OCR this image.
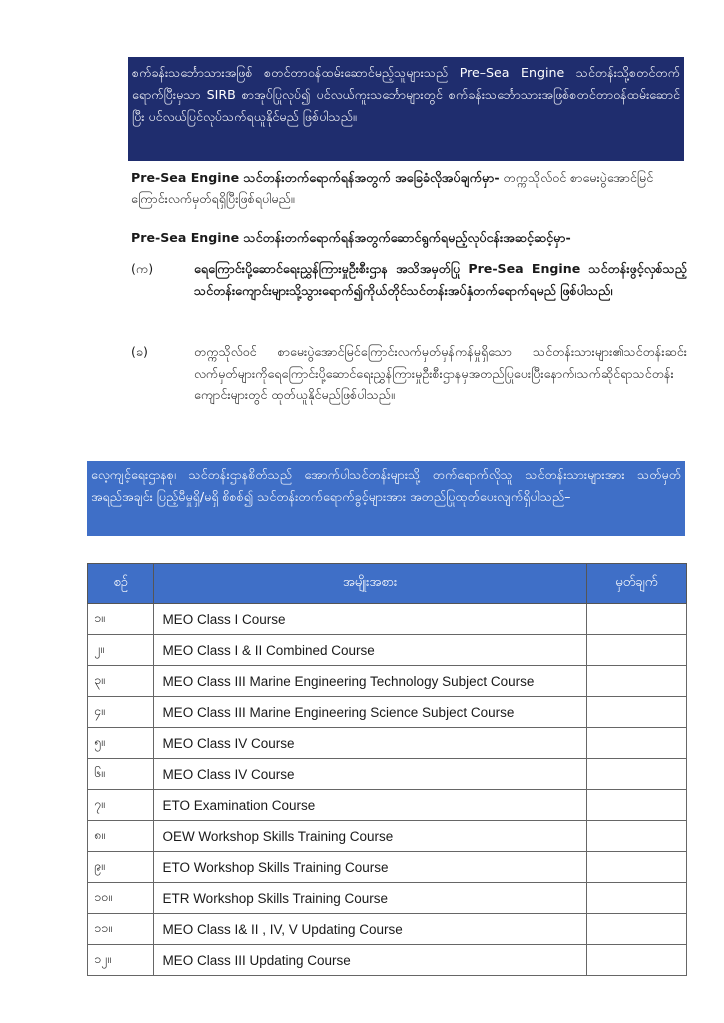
စက်ခန်းသင်္ဘောသားအဖြစ် စတင်တာဝန်ထမ်းဆောင်မည့်သူများသည် Pre–Sea Engine သင်တန်းသို့စတင်တက်ရောက်ပြီးမှသာ SIRB စာအုပ်ပြုလုပ်၍ ပင်လယ်ကူးသင်္ဘောများတွင် စက်ခန်းသင်္ဘောသားအဖြစ်စတင်တာဝန်ထမ်းဆောင်ပြီး ပင်လယ်ပြင်လုပ်သက်ရယူနိုင်မည် ဖြစ်ပါသည်။
Pre-Sea Engine သင်တန်းတက်ရောက်ရန်အတွက် အခြေခံလိုအပ်ချက်မှာ- တက္ကသိုလ်ဝင် စာမေးပွဲအောင်မြင်ကြောင်းလက်မှတ်ရရှိပြီးဖြစ်ရပါမည်။
Pre-Sea Engine သင်တန်းတက်ရောက်ရန်အတွက်ဆောင်ရွက်ရမည့်လုပ်ငန်းအဆင့်ဆင့်မှာ-
(က)	ရေကြောင်းပို့ဆောင်ရေးညွှန်ကြားမှုဦးစီးဌာန အသိအမှတ်ပြု Pre-Sea Engine သင်တန်းဖွင့်လှစ်သည့်သင်တန်းကျောင်းများသို့သွားရောက်၍ကိုယ်တိုင်သင်တန်းအပ်နှံတက်ရောက်ရမည် ဖြစ်ပါသည်၊
(ခ)	တက္ကသိုလ်ဝင် စာမေးပွဲအောင်မြင်ကြောင်းလက်မှတ်မှန်ကန်မှုရှိသော သင်တန်းသားများ၏သင်တန်းဆင်းလက်မှတ်များကိုရေကြောင်းပို့ဆောင်ရေးညွှန်ကြားမှုဦးစီးဌာနမှအတည်ပြုပေးပြီးနောက်၊သက်ဆိုင်ရာသင်တန်းကျောင်းများတွင် ထုတ်ယူနိုင်မည်ဖြစ်ပါသည်။
လေ့ကျင့်ရေးဌာနစု၊ သင်တန်းဌာနစိတ်သည် အောက်ပါသင်တန်းများသို့ တက်ရောက်လိုသူ သင်တန်းသားများအား သတ်မှတ်အရည်အချင်း ပြည့်မီမှုရှိ/မရှိ စိစစ်၍ သင်တန်းတက်ရောက်ခွင့်များအား အတည်ပြုထုတ်ပေးလျက်ရှိပါသည်–
စဉ်	အမျိုးအစား	မှတ်ချက်
၁။	MEO Class I Course	
၂။	MEO Class I & II Combined Course	
၃။	MEO Class III Marine Engineering Technology Subject Course	
၄။	MEO Class III Marine Engineering Science Subject Course	
၅။	MEO Class IV Course	
၆။	MEO Class IV Course	
၇။	ETO Examination Course	
၈။	OEW Workshop Skills Training Course	
၉။	ETO Workshop Skills Training Course	
၁၀။	ETR Workshop Skills Training Course	
၁၁။	MEO Class I& II , IV, V Updating Course	
၁၂။	MEO Class III Updating Course	
